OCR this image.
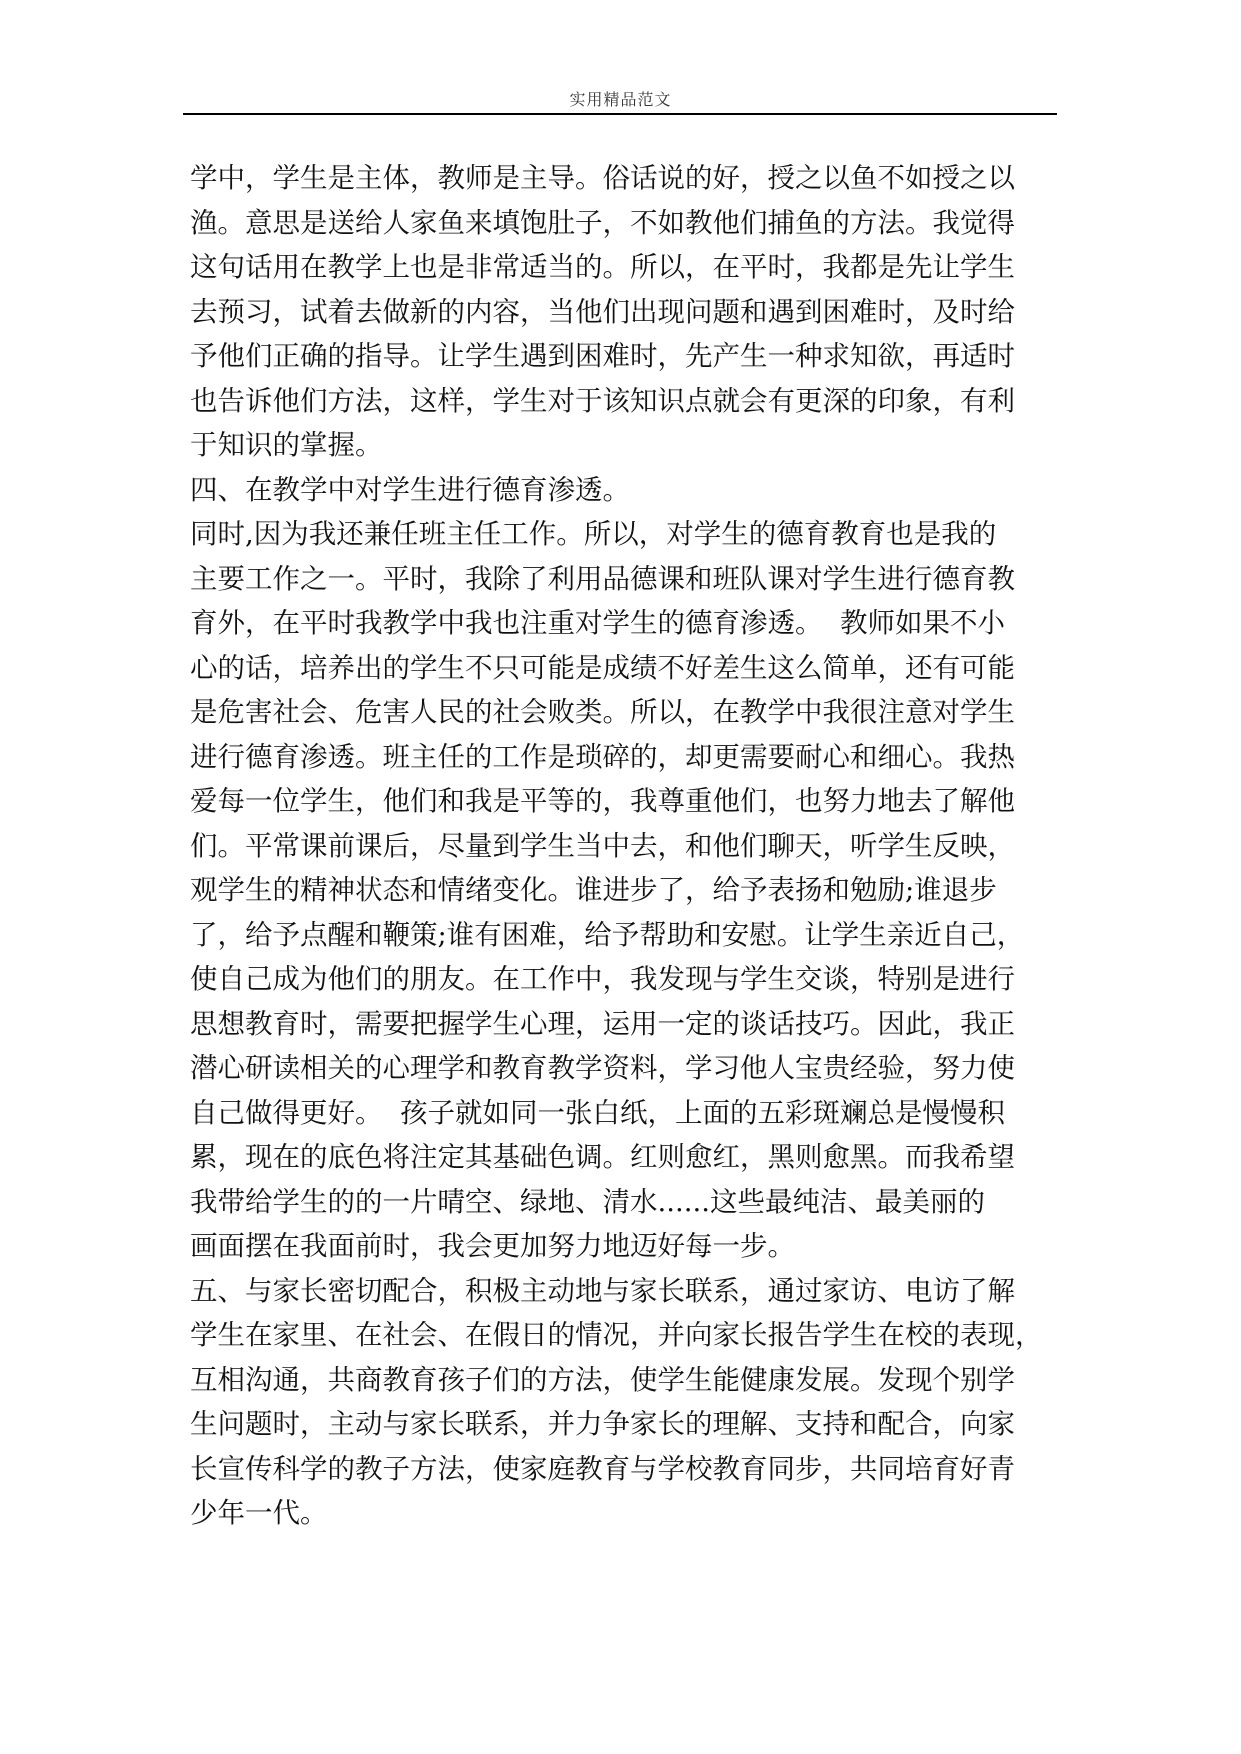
实用精品范文
学中，学生是主体，教师是主导。俗话说的好，授之以鱼不如授之以
渔。意思是送给人家鱼来填饱肚子，不如教他们捕鱼的方法。我觉得
这句话用在教学上也是非常适当的。所以，在平时，我都是先让学生
去预习，试着去做新的内容，当他们出现问题和遇到困难时，及时给
予他们正确的指导。让学生遇到困难时，先产生一种求知欲，再适时
也告诉他们方法，这样，学生对于该知识点就会有更深的印象，有利
于知识的掌握。
四、在教学中对学生进行德育渗透。
同时,因为我还兼任班主任工作。所以，对学生的德育教育也是我的
主要工作之一。平时，我除了利用品德课和班队课对学生进行德育教
育外，在平时我教学中我也注重对学生的德育渗透。  教师如果不小
心的话，培养出的学生不只可能是成绩不好差生这么简单，还有可能
是危害社会、危害人民的社会败类。所以，在教学中我很注意对学生
进行德育渗透。班主任的工作是琐碎的，却更需要耐心和细心。我热
爱每一位学生，他们和我是平等的，我尊重他们，也努力地去了解他
们。平常课前课后，尽量到学生当中去，和他们聊天，听学生反映，
观学生的精神状态和情绪变化。谁进步了，给予表扬和勉励;谁退步
了，给予点醒和鞭策;谁有困难，给予帮助和安慰。让学生亲近自己，
使自己成为他们的朋友。在工作中，我发现与学生交谈，特别是进行
思想教育时，需要把握学生心理，运用一定的谈话技巧。因此，我正
潜心研读相关的心理学和教育教学资料，学习他人宝贵经验，努力使
自己做得更好。  孩子就如同一张白纸，上面的五彩斑斓总是慢慢积
累，现在的底色将注定其基础色调。红则愈红，黑则愈黑。而我希望
我带给学生的的一片晴空、绿地、清水......这些最纯洁、最美丽的
画面摆在我面前时，我会更加努力地迈好每一步。
五、与家长密切配合，积极主动地与家长联系，通过家访、电访了解
学生在家里、在社会、在假日的情况，并向家长报告学生在校的表现，
互相沟通，共商教育孩子们的方法，使学生能健康发展。发现个别学
生问题时，主动与家长联系，并力争家长的理解、支持和配合，向家
长宣传科学的教子方法，使家庭教育与学校教育同步，共同培育好青
少年一代。
